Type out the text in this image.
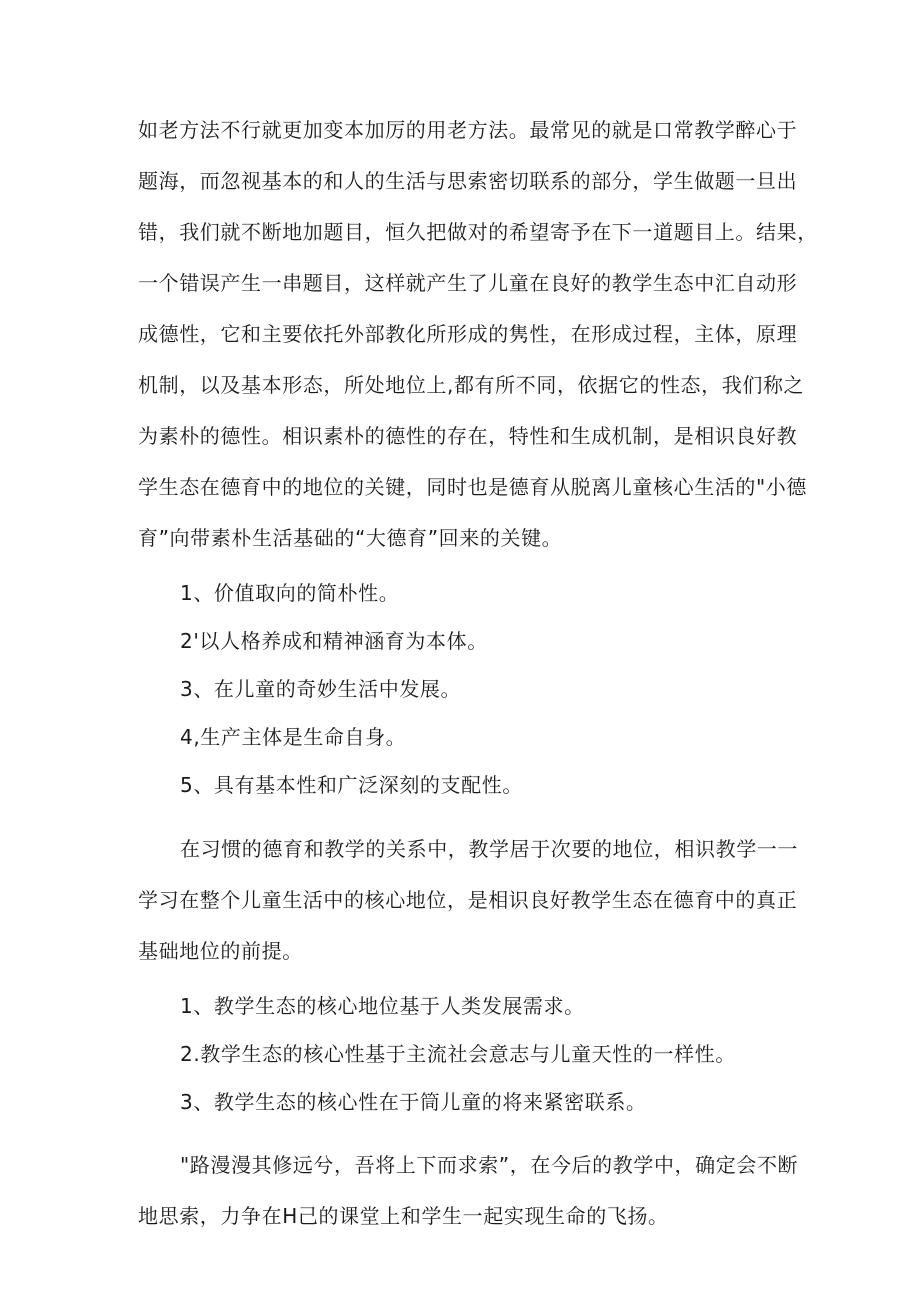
如老方法不行就更加变本加厉的用老方法。最常见的就是口常教学醉心于
题海，而忽视基本的和人的生活与思索密切联系的部分，学生做题一旦出
错，我们就不断地加题目，恒久把做对的希望寄予在下一道题目上。结果，
一个错误产生一串题目，这样就产生了儿童在良好的教学生态中汇自动形
成德性，它和主要依托外部教化所形成的隽性，在形成过程，主体，原理
机制，以及基本形态，所处地位上,都有所不同，依据它的性态，我们称之
为素朴的德性。相识素朴的德性的存在，特性和生成机制，是相识良好教
学生态在德育中的地位的关键，同时也是德育从脱离儿童核心生活的"小德
育”向带素朴生活基础的“大德育”回来的关键。
1、价值取向的简朴性。
2'以人格养成和精神涵育为本体。
3、在儿童的奇妙生活中发展。
4,生产主体是生命自身。
5、具有基本性和广泛深刻的支配性。
在习惯的德育和教学的关系中，教学居于次要的地位，相识教学一一
学习在整个儿童生活中的核心地位，是相识良好教学生态在德育中的真正
基础地位的前提。
1、教学生态的核心地位基于人类发展需求。
2.教学生态的核心性基于主流社会意志与儿童天性的一样性。
3、教学生态的核心性在于筒儿童的将来紧密联系。
"路漫漫其修远兮，吾将上下而求索”，在今后的教学中，确定会不断
地思索，力争在H己的课堂上和学生一起实现生命的飞扬。
